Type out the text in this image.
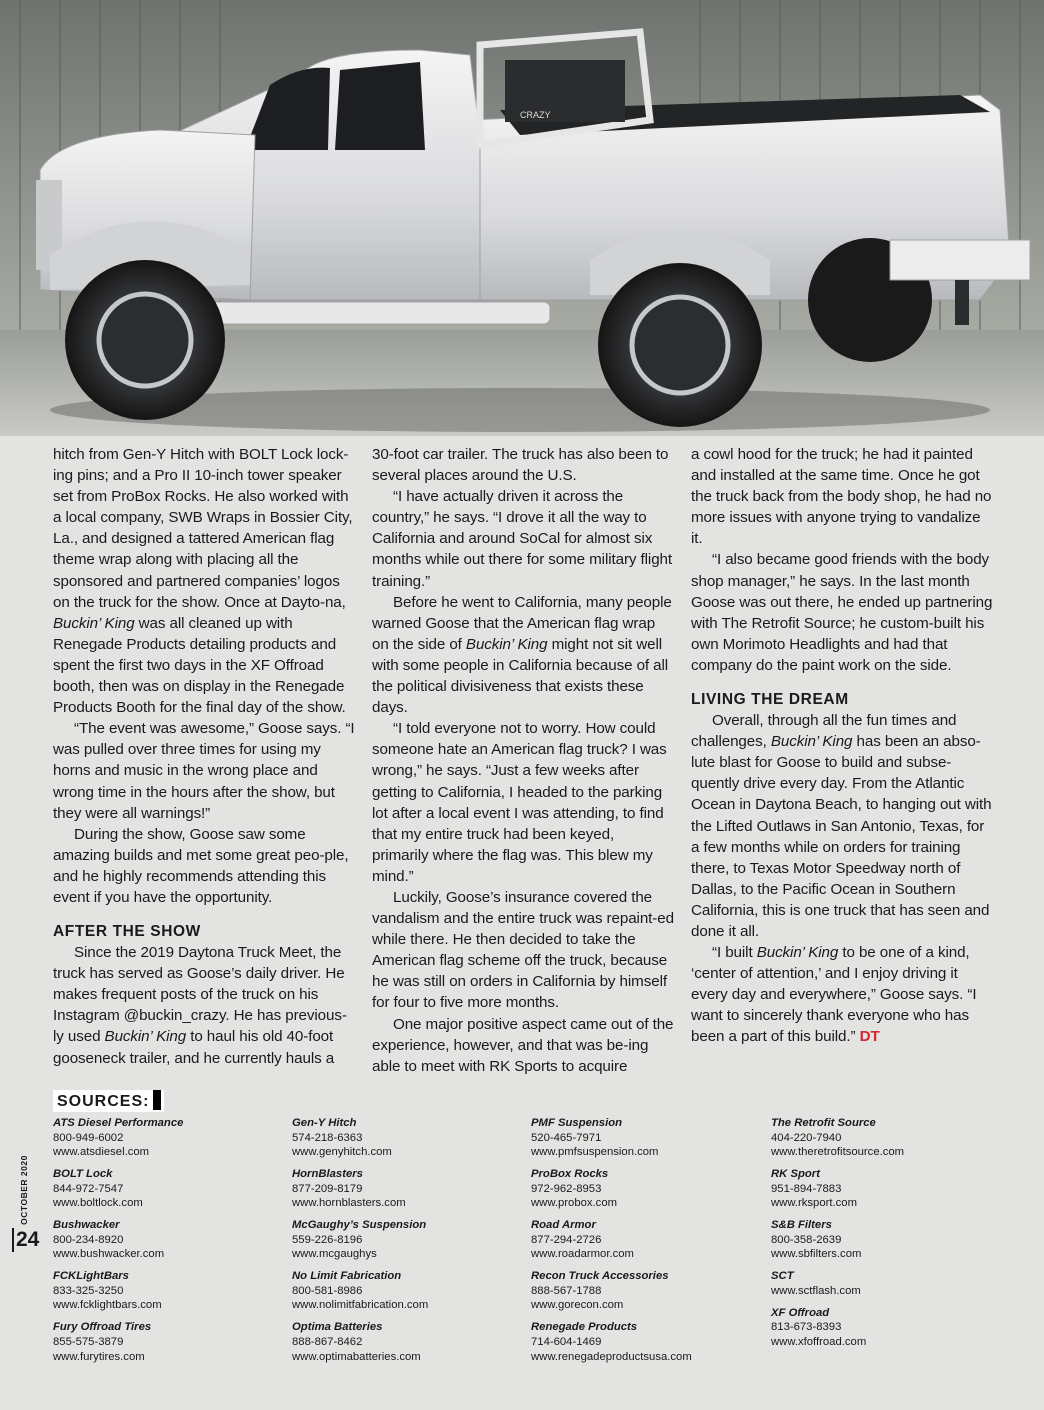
CRAZY

hitch from Gen-Y Hitch with BOLT Lock lock-ing pins; and a Pro II 10-inch tower speaker set from ProBox Rocks. He also worked with a local company, SWB Wraps in Bossier City, La., and designed a tattered American flag theme wrap along with placing all the sponsored and partnered companies’ logos on the truck for the show. Once at Dayto-na, Buckin’ King was all cleaned up with Renegade Products detailing products and spent the first two days in the XF Offroad booth, then was on display in the Renegade Products Booth for the final day of the show.

“The event was awesome,” Goose says. “I was pulled over three times for using my horns and music in the wrong place and wrong time in the hours after the show, but they were all warnings!”

During the show, Goose saw some amazing builds and met some great peo-ple, and he highly recommends attending this event if you have the opportunity.

AFTER THE SHOW

Since the 2019 Daytona Truck Meet, the truck has served as Goose’s daily driver. He makes frequent posts of the truck on his Instagram @buckin_crazy. He has previous-ly used Buckin’ King to haul his old 40-foot gooseneck trailer, and he currently hauls a

30-foot car trailer. The truck has also been to several places around the U.S.

“I have actually driven it across the country,” he says. “I drove it all the way to California and around SoCal for almost six months while out there for some military flight training.”

Before he went to California, many people warned Goose that the American flag wrap on the side of Buckin’ King might not sit well with some people in California because of all the political divisiveness that exists these days.

“I told everyone not to worry. How could someone hate an American flag truck? I was wrong,” he says. “Just a few weeks after getting to California, I headed to the parking lot after a local event I was attending, to find that my entire truck had been keyed, primarily where the flag was. This blew my mind.”

Luckily, Goose’s insurance covered the vandalism and the entire truck was repaint-ed while there. He then decided to take the American flag scheme off the truck, because he was still on orders in California by himself for four to five more months.

One major positive aspect came out of the experience, however, and that was be-ing able to meet with RK Sports to acquire

a cowl hood for the truck; he had it painted and installed at the same time. Once he got the truck back from the body shop, he had no more issues with anyone trying to vandalize it.

“I also became good friends with the body shop manager,” he says. In the last month Goose was out there, he ended up partnering with The Retrofit Source; he custom-built his own Morimoto Headlights and had that company do the paint work on the side.

LIVING THE DREAM

Overall, through all the fun times and challenges, Buckin’ King has been an abso-lute blast for Goose to build and subse-quently drive every day. From the Atlantic Ocean in Daytona Beach, to hanging out with the Lifted Outlaws in San Antonio, Texas, for a few months while on orders for training there, to Texas Motor Speedway north of Dallas, to the Pacific Ocean in Southern California, this is one truck that has seen and done it all.

“I built Buckin’ King to be one of a kind, ‘center of attention,’ and I enjoy driving it every day and everywhere,” Goose says. “I want to sincerely thank everyone who has been a part of this build.” DT

SOURCES:
ATS Diesel Performance
800-949-6002
www.atsdiesel.com
BOLT Lock
844-972-7547
www.boltlock.com
Bushwacker
800-234-8920
www.bushwacker.com
FCKLightBars
833-325-3250
www.fcklightbars.com
Fury Offroad Tires
855-575-3879
www.furytires.com
Gen-Y Hitch
574-218-6363
www.genyhitch.com
HornBlasters
877-209-8179
www.hornblasters.com
McGaughy’s Suspension
559-226-8196
www.mcgaughys
No Limit Fabrication
800-581-8986
www.nolimitfabrication.com
Optima Batteries
888-867-8462
www.optimabatteries.com
PMF Suspension
520-465-7971
www.pmfsuspension.com
ProBox Rocks
972-962-8953
www.probox.com
Road Armor
877-294-2726
www.roadarmor.com
Recon Truck Accessories
888-567-1788
www.gorecon.com
Renegade Products
714-604-1469
www.renegadeproductsusa.com
The Retrofit Source
404-220-7940
www.theretrofitsource.com
RK Sport
951-894-7883
www.rksport.com
S&B Filters
800-358-2639
www.sbfilters.com
SCT
www.sctflash.com
XF Offroad
813-673-8393
www.xfoffroad.com
OCTOBER 2020
24
